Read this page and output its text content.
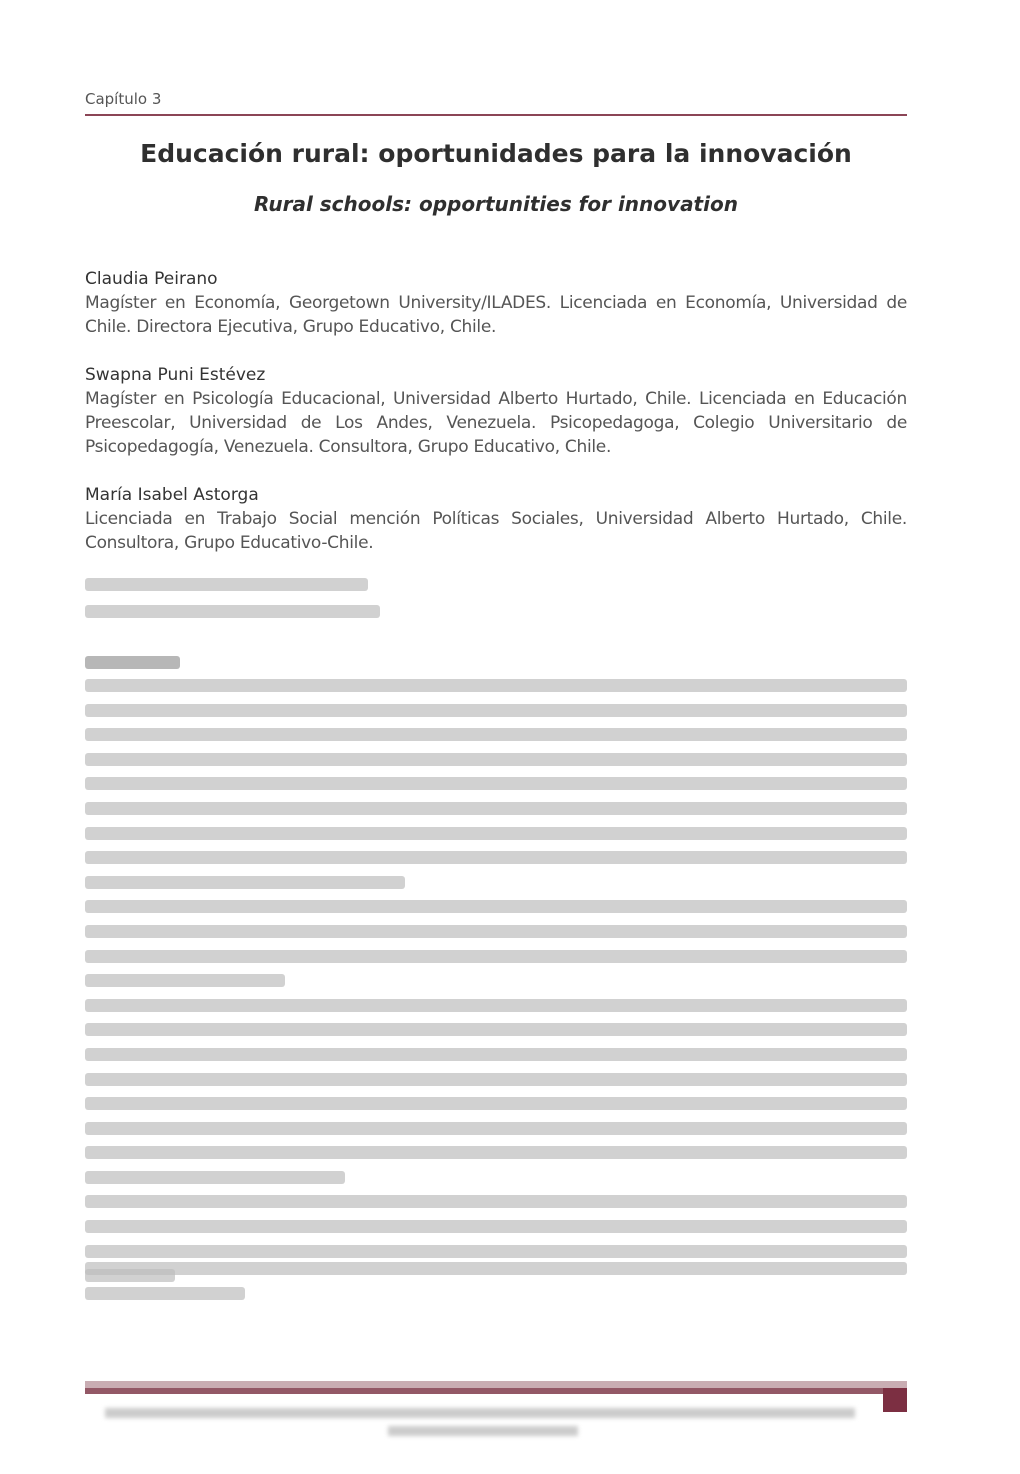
Capítulo 3
Educación rural: oportunidades para la innovación
Rural schools: opportunities for innovation
Claudia Peirano
Magíster en Economía, Georgetown University/ILADES. Licenciada en Economía, Universidad de Chile. Directora Ejecutiva, Grupo Educativo, Chile.
Swapna Puni Estévez
Magíster en Psicología Educacional, Universidad Alberto Hurtado, Chile. Licenciada en Educación Preescolar, Universidad de Los Andes, Venezuela. Psicopedagoga, Colegio Universitario de Psicopedagogía, Venezuela. Consultora, Grupo Educativo, Chile.
María Isabel Astorga
Licenciada en Trabajo Social mención Políticas Sociales, Universidad Alberto Hurtado, Chile. Consultora, Grupo Educativo-Chile.
